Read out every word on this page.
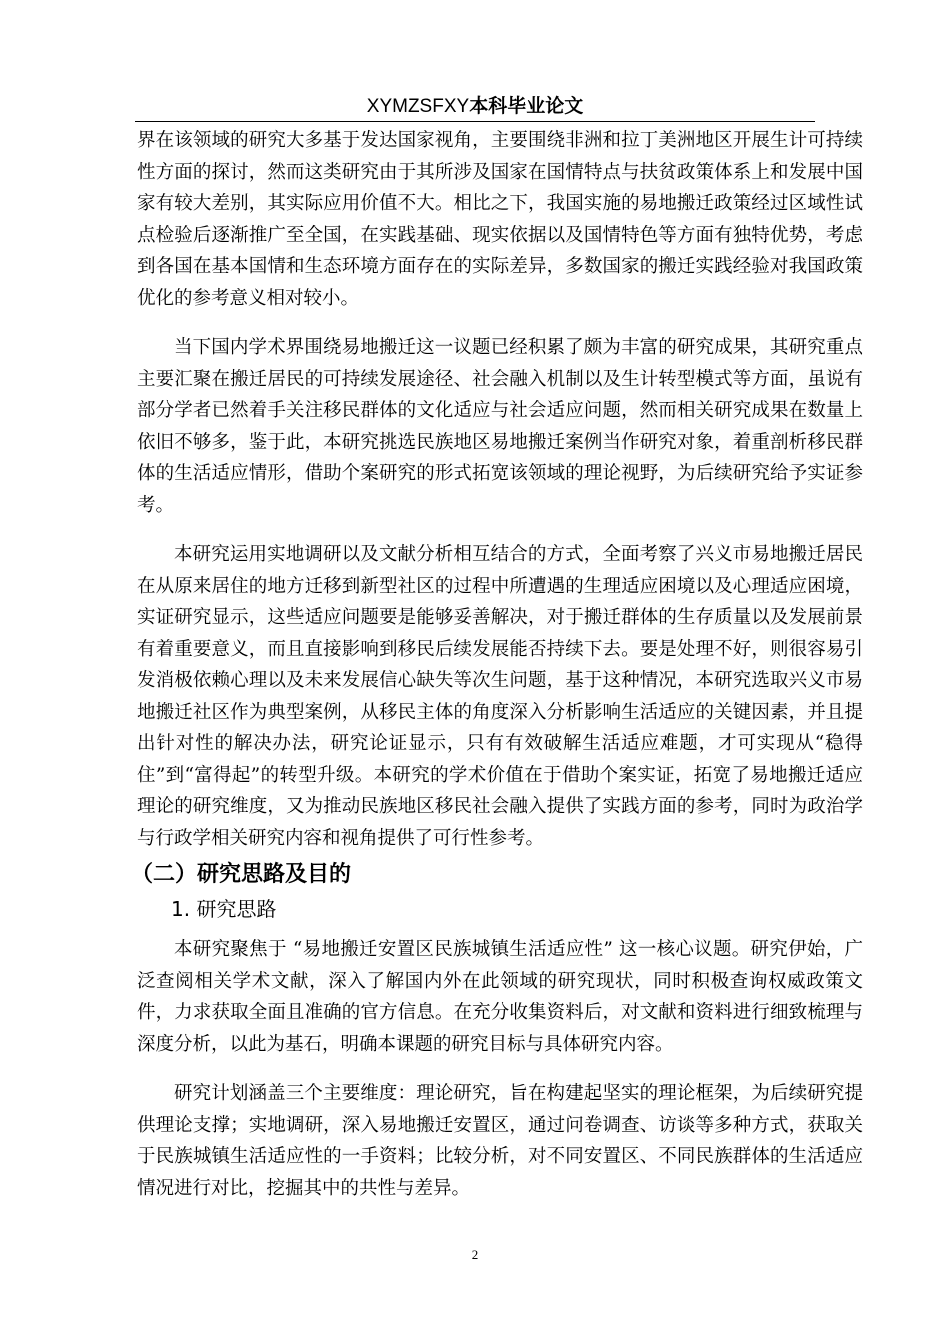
XYMZSFXY本科毕业论文

界在该领域的研究大多基于发达国家视角，主要围绕非洲和拉丁美洲地区开展生计可持续性方面的探讨，然而这类研究由于其所涉及国家在国情特点与扶贫政策体系上和发展中国家有较大差别，其实际应用价值不大。相比之下，我国实施的易地搬迁政策经过区域性试点检验后逐渐推广至全国，在实践基础、现实依据以及国情特色等方面有独特优势，考虑到各国在基本国情和生态环境方面存在的实际差异，多数国家的搬迁实践经验对我国政策优化的参考意义相对较小。

当下国内学术界围绕易地搬迁这一议题已经积累了颇为丰富的研究成果，其研究重点主要汇聚在搬迁居民的可持续发展途径、社会融入机制以及生计转型模式等方面，虽说有部分学者已然着手关注移民群体的文化适应与社会适应问题，然而相关研究成果在数量上依旧不够多，鉴于此，本研究挑选民族地区易地搬迁案例当作研究对象，着重剖析移民群体的生活适应情形，借助个案研究的形式拓宽该领域的理论视野，为后续研究给予实证参考。

本研究运用实地调研以及文献分析相互结合的方式，全面考察了兴义市易地搬迁居民在从原来居住的地方迁移到新型社区的过程中所遭遇的生理适应困境以及心理适应困境，实证研究显示，这些适应问题要是能够妥善解决，对于搬迁群体的生存质量以及发展前景有着重要意义，而且直接影响到移民后续发展能否持续下去。要是处理不好，则很容易引发消极依赖心理以及未来发展信心缺失等次生问题，基于这种情况，本研究选取兴义市易地搬迁社区作为典型案例，从移民主体的角度深入分析影响生活适应的关键因素，并且提出针对性的解决办法，研究论证显示，只有有效破解生活适应难题，才可实现从“稳得住”到“富得起”的转型升级。本研究的学术价值在于借助个案实证，拓宽了易地搬迁适应理论的研究维度，又为推动民族地区移民社会融入提供了实践方面的参考，同时为政治学与行政学相关研究内容和视角提供了可行性参考。

（二）研究思路及目的
1. 研究思路

本研究聚焦于 “易地搬迁安置区民族城镇生活适应性” 这一核心议题。研究伊始，广泛查阅相关学术文献，深入了解国内外在此领域的研究现状，同时积极查询权威政策文件，力求获取全面且准确的官方信息。在充分收集资料后，对文献和资料进行细致梳理与深度分析，以此为基石，明确本课题的研究目标与具体研究内容。

研究计划涵盖三个主要维度：理论研究，旨在构建起坚实的理论框架，为后续研究提供理论支撑；实地调研，深入易地搬迁安置区，通过问卷调查、访谈等多种方式，获取关于民族城镇生活适应性的一手资料；比较分析，对不同安置区、不同民族群体的生活适应情况进行对比，挖掘其中的共性与差异。

2
